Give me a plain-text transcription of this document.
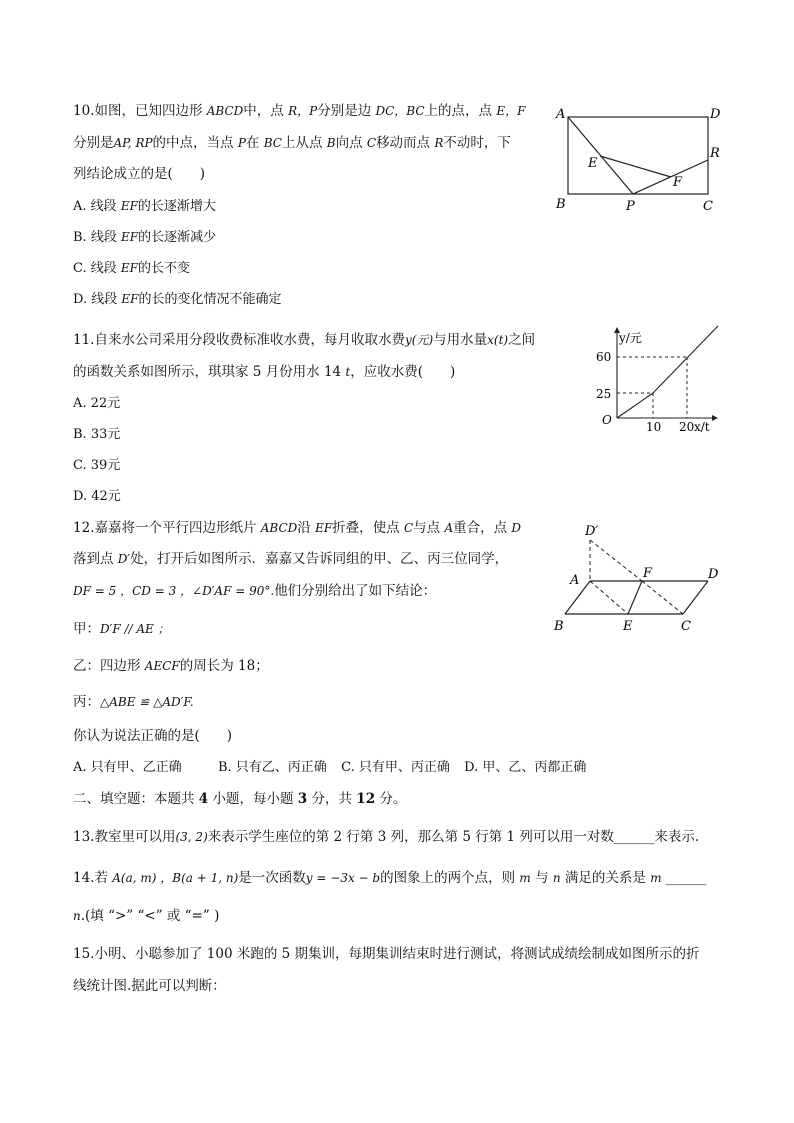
10.如图，已知四边形 ABCD中，点 R，P分别是边 DC，BC上的点，点 E，F
分别是AP, RP的中点，当点 P在 BC上从点 B向点 C移动而点 R不动时，下
列结论成立的是(　　)
A. 线段 EF的长逐渐增大
B. 线段 EF的长逐渐减少
C. 线段 EF的长不变
D. 线段 EF的长的变化情况不能确定
A	D
R
E
F
B	P	C
11.自来水公司采用分段收费标准收水费，每月收取水费y(元)与用水量x(t)之间
的函数关系如图所示，琪琪家 5 月份用水 14 t，应收水费(　　)
A. 22元
B. 33元
C. 39元
D. 42元
y/元
x/t
O
60
25
10 20
12.嘉嘉将一个平行四边形纸片 ABCD沿 EF折叠，使点 C与点 A重合，点 D
落到点 D′处，打开后如图所示．嘉嘉又告诉同组的甲、乙、丙三位同学，
DF = 5 ，CD = 3 ，∠D′AF = 90°.他们分别给出了如下结论：
甲：D′F // AE ；
乙：四边形 AECF的周长为 18；
丙：△ABE ≌ △AD′F.
你认为说法正确的是(　　)
A. 只有甲、乙正确	B. 只有乙、丙正确 C. 只有甲、丙正确 D. 甲、乙、丙都正确
D′
A	F	D
B	E	C
二、填空题：本题共 4 小题，每小题 3 分，共 12 分。
13.教室里可以用(3, 2)来表示学生座位的第 2 行第 3 列，那么第 5 行第 1 列可以用一对数______来表示.
14.若 A(a, m) ，B(a + 1, n)是一次函数y = −3x − b的图象上的两个点，则 m 与 n 满足的关系是 m ______
n.(填 “>” “<” 或 “=” )
15.小明、小聪参加了 100 米跑的 5 期集训，每期集训结束时进行测试，将测试成绩绘制成如图所示的折
线统计图.据此可以判断：
